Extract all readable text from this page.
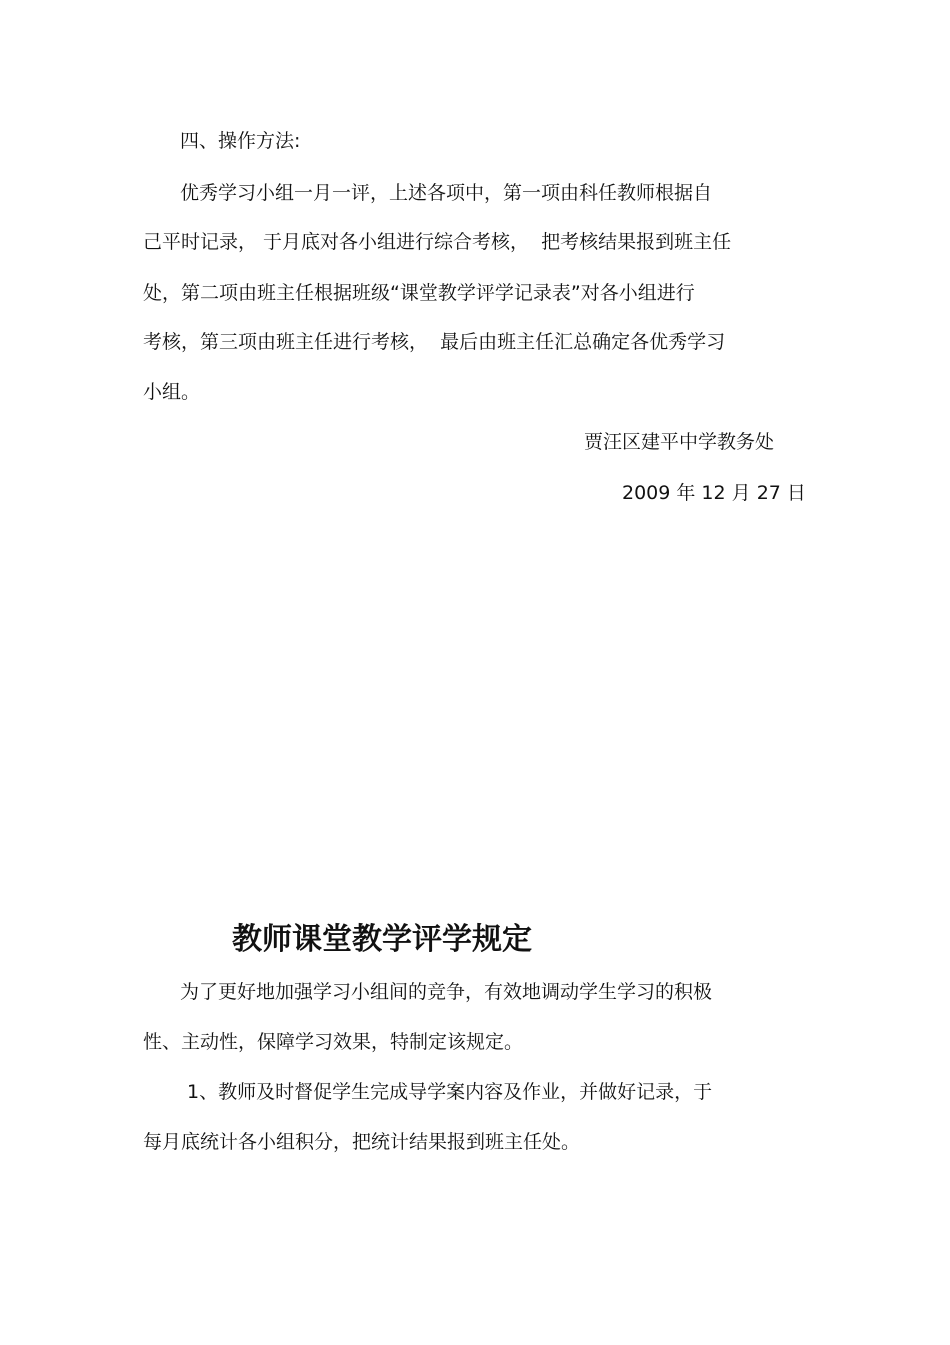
四、操作方法:

优秀学习小组一月一评，上述各项中，第一项由科任教师根据自

己平时记录， 于月底对各小组进行综合考核，  把考核结果报到班主任

处，第二项由班主任根据班级“课堂教学评学记录表”对各小组进行

考核，第三项由班主任进行考核，  最后由班主任汇总确定各优秀学习

小组。

贾汪区建平中学教务处

2009 年 12 月 27 日

教师课堂教学评学规定

为了更好地加强学习小组间的竞争，有效地调动学生学习的积极

性、主动性，保障学习效果，特制定该规定。

1、教师及时督促学生完成导学案内容及作业，并做好记录，于

每月底统计各小组积分，把统计结果报到班主任处。
